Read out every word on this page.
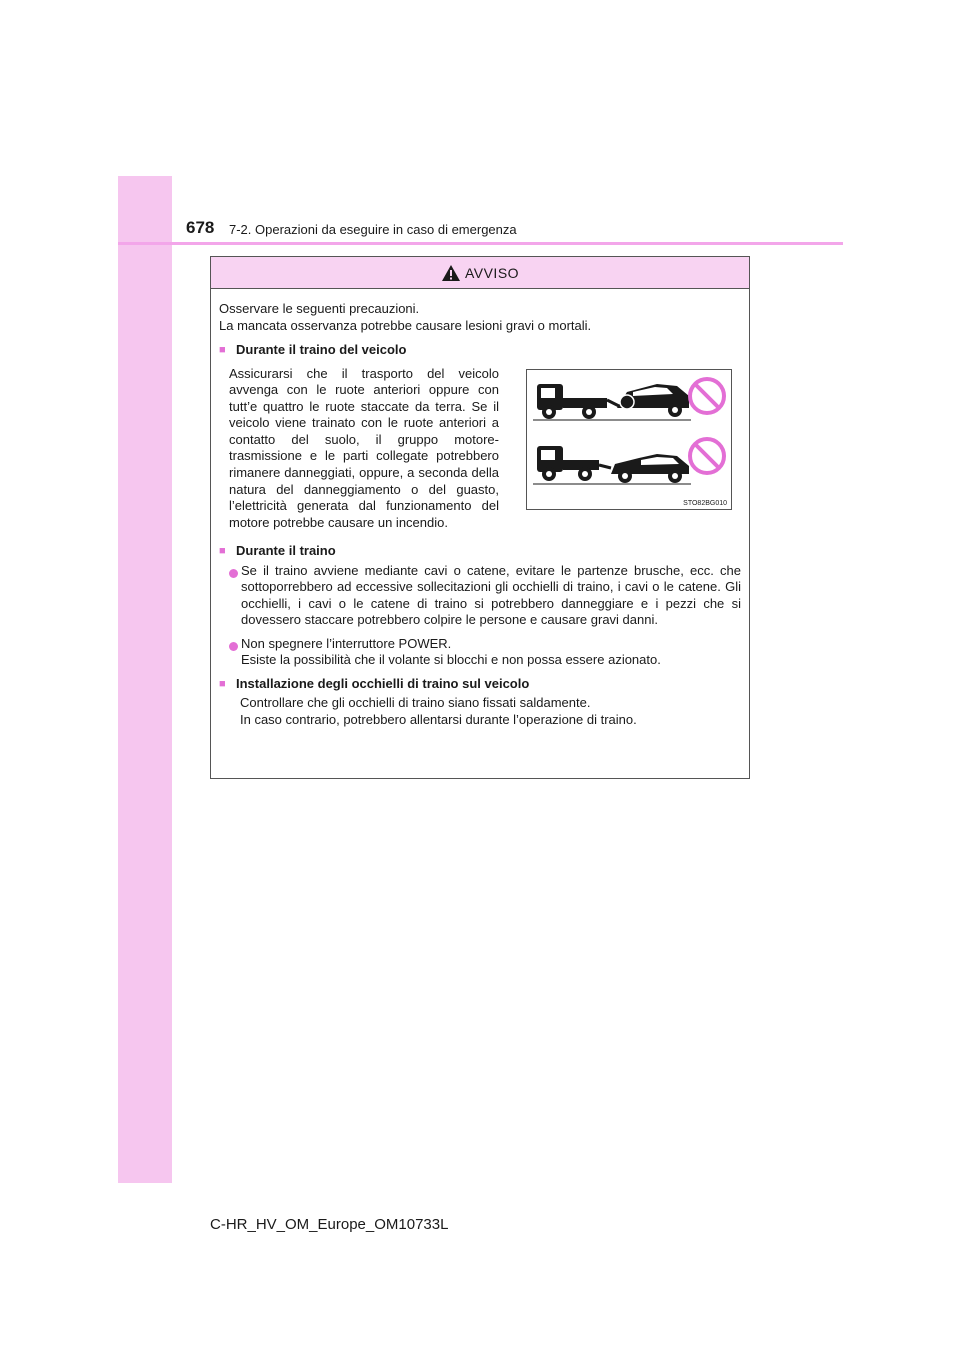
678 7-2. Operazioni da eseguire in caso di emergenza
AVVISO
Osservare le seguenti precauzioni.
La mancata osservanza potrebbe causare lesioni gravi o mortali.
■ Durante il traino del veicolo
Assicurarsi che il trasporto del veicolo avvenga con le ruote anteriori oppure con tutt’e quattro le ruote staccate da terra. Se il veicolo viene trainato con le ruote anteriori a contatto del suolo, il gruppo motore-trasmissione e le parti collegate potrebbero rimanere danneggiati, oppure, a seconda della natura del danneggiamento o del guasto, l’elettricità generata dal funzionamento del motore potrebbe causare un incendio.
■ Durante il traino
Se il traino avviene mediante cavi o catene, evitare le partenze brusche, ecc. che sottoporrebbero ad eccessive sollecitazioni gli occhielli di traino, i cavi o le catene. Gli occhielli, i cavi o le catene di traino si potrebbero danneggiare e i pezzi che si dovessero staccare potrebbero colpire le persone e causare gravi danni.
Non spegnere l’interruttore POWER.
Esiste la possibilità che il volante si blocchi e non possa essere azionato.
■ Installazione degli occhielli di traino sul veicolo
Controllare che gli occhielli di traino siano fissati saldamente.
In caso contrario, potrebbero allentarsi durante l’operazione di traino.
STO82BG010
C-HR_HV_OM_Europe_OM10733L
